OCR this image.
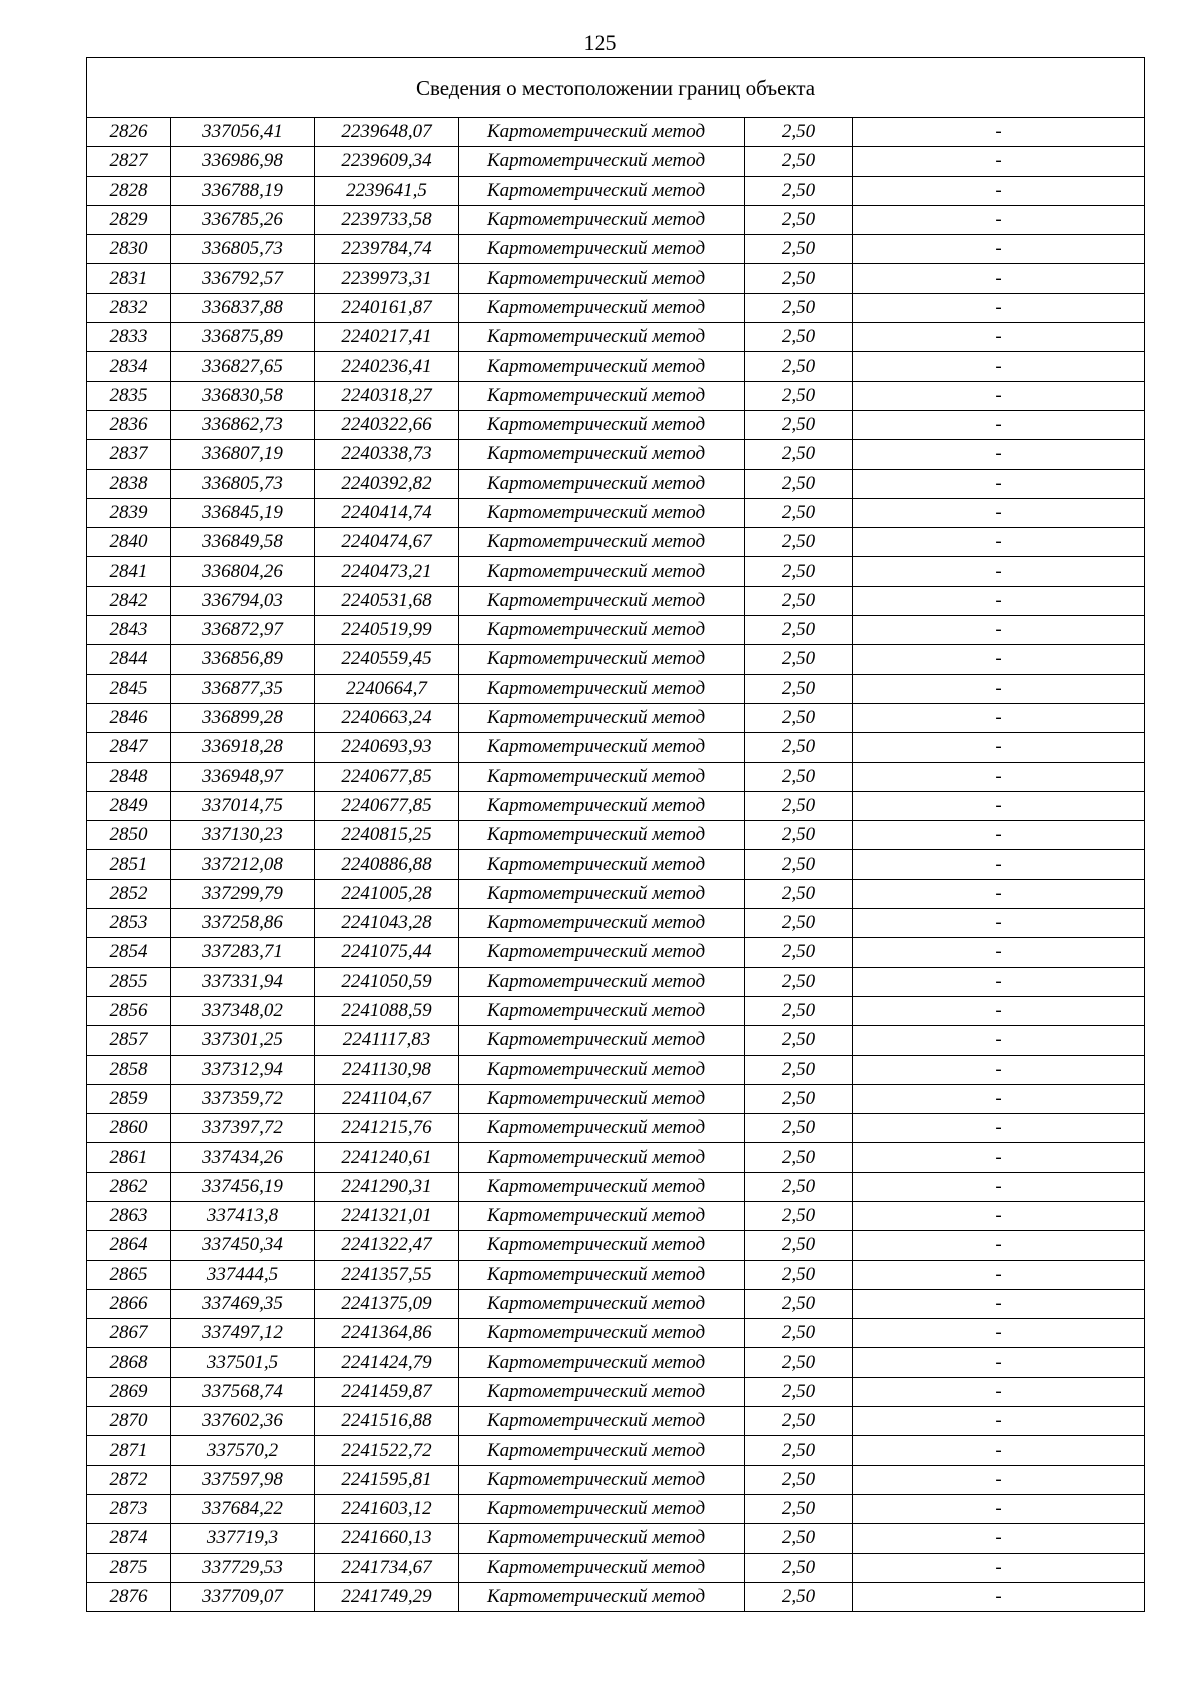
125
Сведения о местоположении границ объекта					
2826	337056,41	2239648,07	Картометрический метод	2,50	-
2827	336986,98	2239609,34	Картометрический метод	2,50	-
2828	336788,19	2239641,5	Картометрический метод	2,50	-
2829	336785,26	2239733,58	Картометрический метод	2,50	-
2830	336805,73	2239784,74	Картометрический метод	2,50	-
2831	336792,57	2239973,31	Картометрический метод	2,50	-
2832	336837,88	2240161,87	Картометрический метод	2,50	-
2833	336875,89	2240217,41	Картометрический метод	2,50	-
2834	336827,65	2240236,41	Картометрический метод	2,50	-
2835	336830,58	2240318,27	Картометрический метод	2,50	-
2836	336862,73	2240322,66	Картометрический метод	2,50	-
2837	336807,19	2240338,73	Картометрический метод	2,50	-
2838	336805,73	2240392,82	Картометрический метод	2,50	-
2839	336845,19	2240414,74	Картометрический метод	2,50	-
2840	336849,58	2240474,67	Картометрический метод	2,50	-
2841	336804,26	2240473,21	Картометрический метод	2,50	-
2842	336794,03	2240531,68	Картометрический метод	2,50	-
2843	336872,97	2240519,99	Картометрический метод	2,50	-
2844	336856,89	2240559,45	Картометрический метод	2,50	-
2845	336877,35	2240664,7	Картометрический метод	2,50	-
2846	336899,28	2240663,24	Картометрический метод	2,50	-
2847	336918,28	2240693,93	Картометрический метод	2,50	-
2848	336948,97	2240677,85	Картометрический метод	2,50	-
2849	337014,75	2240677,85	Картометрический метод	2,50	-
2850	337130,23	2240815,25	Картометрический метод	2,50	-
2851	337212,08	2240886,88	Картометрический метод	2,50	-
2852	337299,79	2241005,28	Картометрический метод	2,50	-
2853	337258,86	2241043,28	Картометрический метод	2,50	-
2854	337283,71	2241075,44	Картометрический метод	2,50	-
2855	337331,94	2241050,59	Картометрический метод	2,50	-
2856	337348,02	2241088,59	Картометрический метод	2,50	-
2857	337301,25	2241117,83	Картометрический метод	2,50	-
2858	337312,94	2241130,98	Картометрический метод	2,50	-
2859	337359,72	2241104,67	Картометрический метод	2,50	-
2860	337397,72	2241215,76	Картометрический метод	2,50	-
2861	337434,26	2241240,61	Картометрический метод	2,50	-
2862	337456,19	2241290,31	Картометрический метод	2,50	-
2863	337413,8	2241321,01	Картометрический метод	2,50	-
2864	337450,34	2241322,47	Картометрический метод	2,50	-
2865	337444,5	2241357,55	Картометрический метод	2,50	-
2866	337469,35	2241375,09	Картометрический метод	2,50	-
2867	337497,12	2241364,86	Картометрический метод	2,50	-
2868	337501,5	2241424,79	Картометрический метод	2,50	-
2869	337568,74	2241459,87	Картометрический метод	2,50	-
2870	337602,36	2241516,88	Картометрический метод	2,50	-
2871	337570,2	2241522,72	Картометрический метод	2,50	-
2872	337597,98	2241595,81	Картометрический метод	2,50	-
2873	337684,22	2241603,12	Картометрический метод	2,50	-
2874	337719,3	2241660,13	Картометрический метод	2,50	-
2875	337729,53	2241734,67	Картометрический метод	2,50	-
2876	337709,07	2241749,29	Картометрический метод	2,50	-
